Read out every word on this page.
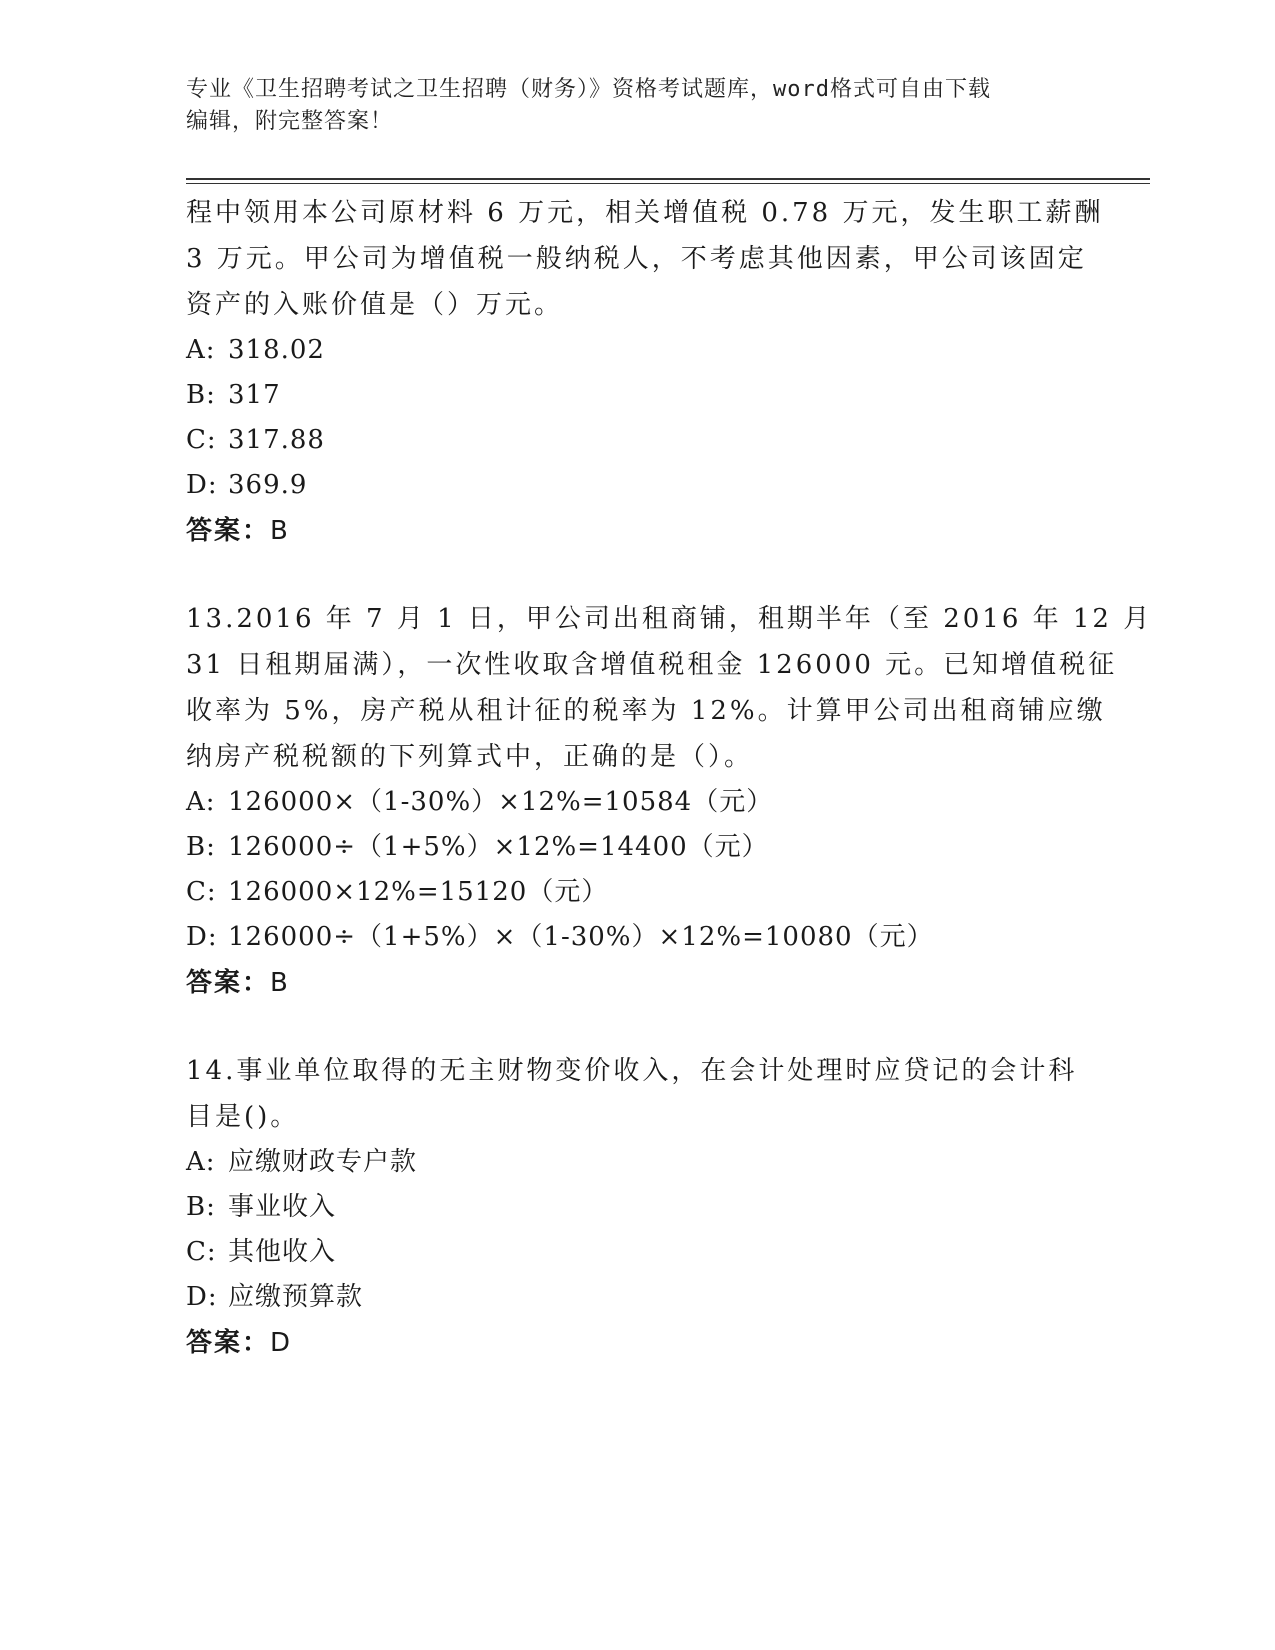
专业《卫生招聘考试之卫生招聘（财务）》资格考试题库，word格式可自由下载
编辑，附完整答案！
程中领用本公司原材料 6 万元，相关增值税 0.78 万元，发生职工薪酬
3 万元。甲公司为增值税一般纳税人，不考虑其他因素，甲公司该固定
资产的入账价值是（）万元。
A: 318.02
B: 317
C: 317.88
D: 369.9
答案：B
13.2016 年 7 月 1 日，甲公司出租商铺，租期半年（至 2016 年 12 月
31 日租期届满），一次性收取含增值税租金 126000 元。已知增值税征
收率为 5%，房产税从租计征的税率为 12%。计算甲公司出租商铺应缴
纳房产税税额的下列算式中，正确的是（）。
A: 126000×（1-30%）×12%=10584（元）
B: 126000÷（1+5%）×12%=14400（元）
C: 126000×12%=15120（元）
D: 126000÷（1+5%）×（1-30%）×12%=10080（元）
答案：B
14.事业单位取得的无主财物变价收入，在会计处理时应贷记的会计科
目是()。
A: 应缴财政专户款
B: 事业收入
C: 其他收入
D: 应缴预算款
答案：D
